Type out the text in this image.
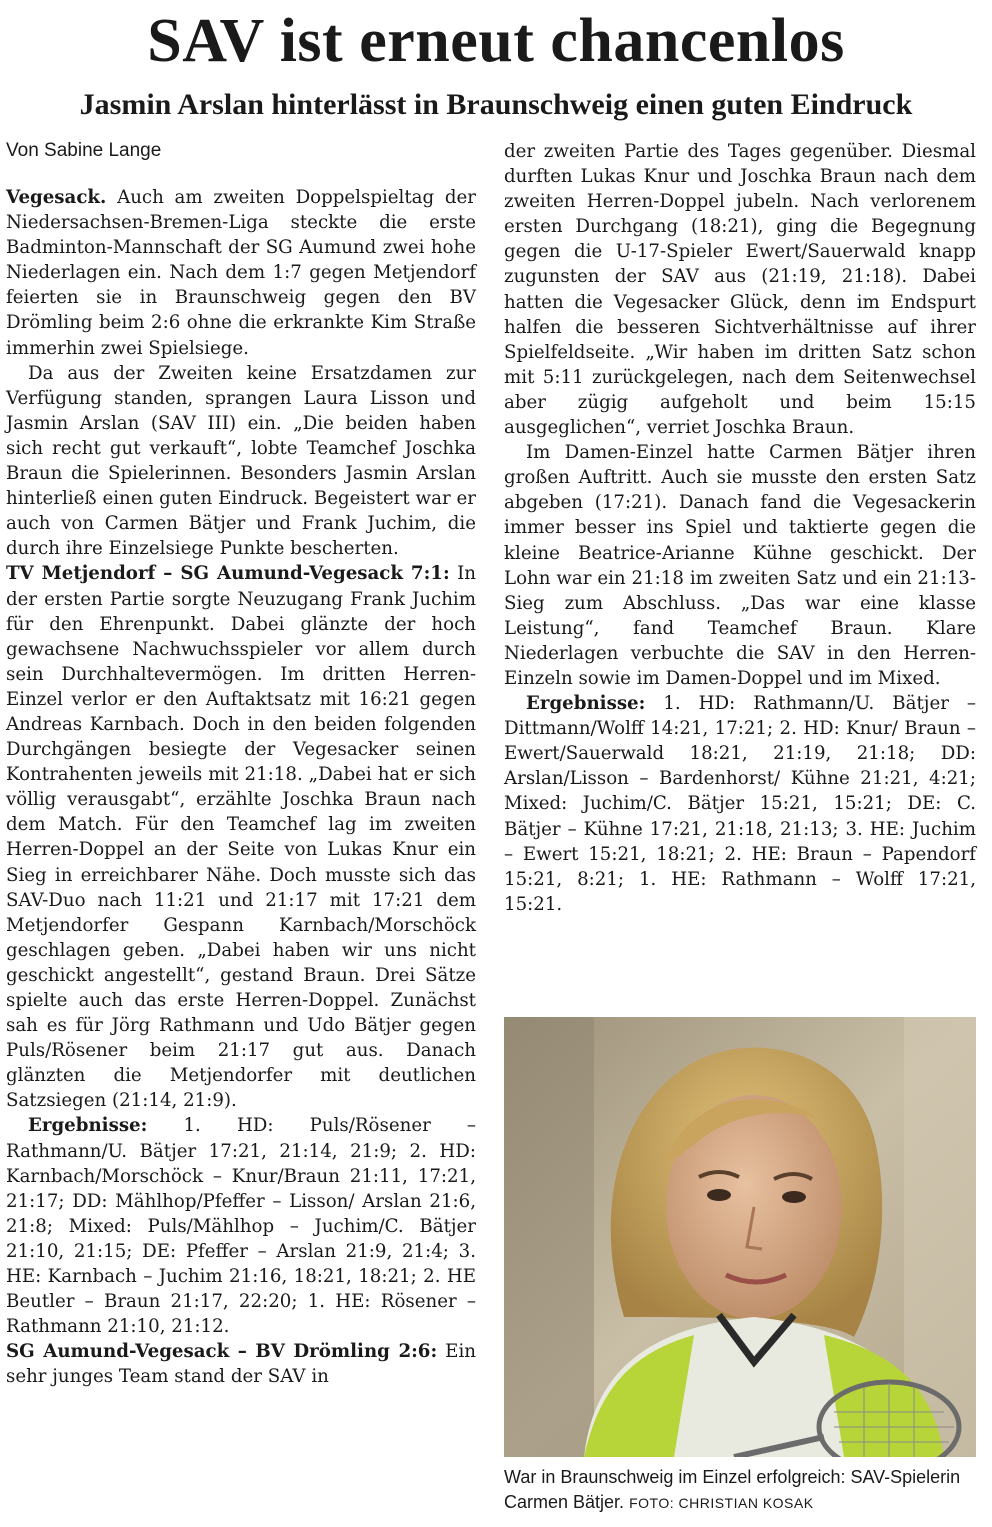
SAV ist erneut chancenlos
Jasmin Arslan hinterlässt in Braunschweig einen guten Eindruck
Von Sabine Lange

Vegesack. Auch am zweiten Doppelspieltag der Niedersachsen-Bremen-Liga steckte die erste Badminton-Mannschaft der SG Aumund zwei hohe Niederlagen ein. Nach dem 1:7 gegen Metjendorf feierten sie in Braunschweig gegen den BV Drömling beim 2:6 ohne die erkrankte Kim Straße immerhin zwei Spielsiege.

Da aus der Zweiten keine Ersatzdamen zur Verfügung standen, sprangen Laura Lisson und Jasmin Arslan (SAV III) ein. „Die beiden haben sich recht gut verkauft“, lobte Teamchef Joschka Braun die Spielerinnen. Besonders Jasmin Arslan hinterließ einen guten Eindruck. Begeistert war er auch von Carmen Bätjer und Frank Juchim, die durch ihre Einzelsiege Punkte bescherten.

TV Metjendorf – SG Aumund-Vegesack 7:1: In der ersten Partie sorgte Neuzugang Frank Juchim für den Ehrenpunkt. Dabei glänzte der hoch gewachsene Nachwuchsspieler vor allem durch sein Durchhaltevermögen. Im dritten Herren-Einzel verlor er den Auftaktsatz mit 16:21 gegen Andreas Karnbach. Doch in den beiden folgenden Durchgängen besiegte der Vegesacker seinen Kontrahenten jeweils mit 21:18. „Dabei hat er sich völlig verausgabt“, erzählte Joschka Braun nach dem Match. Für den Teamchef lag im zweiten Herren-Doppel an der Seite von Lukas Knur ein Sieg in erreichbarer Nähe. Doch musste sich das SAV-Duo nach 11:21 und 21:17 mit 17:21 dem Metjendorfer Gespann Karnbach/Morschöck geschlagen geben. „Dabei haben wir uns nicht geschickt angestellt“, gestand Braun. Drei Sätze spielte auch das erste Herren-Doppel. Zunächst sah es für Jörg Rathmann und Udo Bätjer gegen Puls/Rösener beim 21:17 gut aus. Danach glänzten die Metjendorfer mit deutlichen Satzsiegen (21:14, 21:9).

Ergebnisse: 1. HD: Puls/Rösener – Rathmann/U. Bätjer 17:21, 21:14, 21:9; 2. HD: Karnbach/Morschöck – Knur/Braun 21:11, 17:21, 21:17; DD: Mählhop/Pfeffer – Lisson/ Arslan 21:6, 21:8; Mixed: Puls/Mählhop – Juchim/C. Bätjer 21:10, 21:15; DE: Pfeffer – Arslan 21:9, 21:4; 3. HE: Karnbach – Juchim 21:16, 18:21, 18:21; 2. HE Beutler – Braun 21:17, 22:20; 1. HE: Rösener – Rathmann 21:10, 21:12.

SG Aumund-Vegesack – BV Drömling 2:6: Ein sehr junges Team stand der SAV in

der zweiten Partie des Tages gegenüber. Diesmal durften Lukas Knur und Joschka Braun nach dem zweiten Herren-Doppel jubeln. Nach verlorenem ersten Durchgang (18:21), ging die Begegnung gegen die U-17-Spieler Ewert/Sauerwald knapp zugunsten der SAV aus (21:19, 21:18). Dabei hatten die Vegesacker Glück, denn im Endspurt halfen die besseren Sichtverhältnisse auf ihrer Spielfeldseite. „Wir haben im dritten Satz schon mit 5:11 zurückgelegen, nach dem Seitenwechsel aber zügig aufgeholt und beim 15:15 ausgeglichen“, verriet Joschka Braun.

Im Damen-Einzel hatte Carmen Bätjer ihren großen Auftritt. Auch sie musste den ersten Satz abgeben (17:21). Danach fand die Vegesackerin immer besser ins Spiel und taktierte gegen die kleine Beatrice-Arianne Kühne geschickt. Der Lohn war ein 21:18 im zweiten Satz und ein 21:13-Sieg zum Abschluss. „Das war eine klasse Leistung“, fand Teamchef Braun. Klare Niederlagen verbuchte die SAV in den Herren-Einzeln sowie im Damen-Doppel und im Mixed.

Ergebnisse: 1. HD: Rathmann/U. Bätjer – Dittmann/Wolff 14:21, 17:21; 2. HD: Knur/ Braun – Ewert/Sauerwald 18:21, 21:19, 21:18; DD: Arslan/Lisson – Bardenhorst/ Kühne 21:21, 4:21; Mixed: Juchim/C. Bätjer 15:21, 15:21; DE: C. Bätjer – Kühne 17:21, 21:18, 21:13; 3. HE: Juchim – Ewert 15:21, 18:21; 2. HE: Braun – Papendorf 15:21, 8:21; 1. HE: Rathmann – Wolff 17:21, 15:21.

War in Braunschweig im Einzel erfolgreich: SAV-Spielerin Carmen Bätjer. FOTO: CHRISTIAN KOSAK
